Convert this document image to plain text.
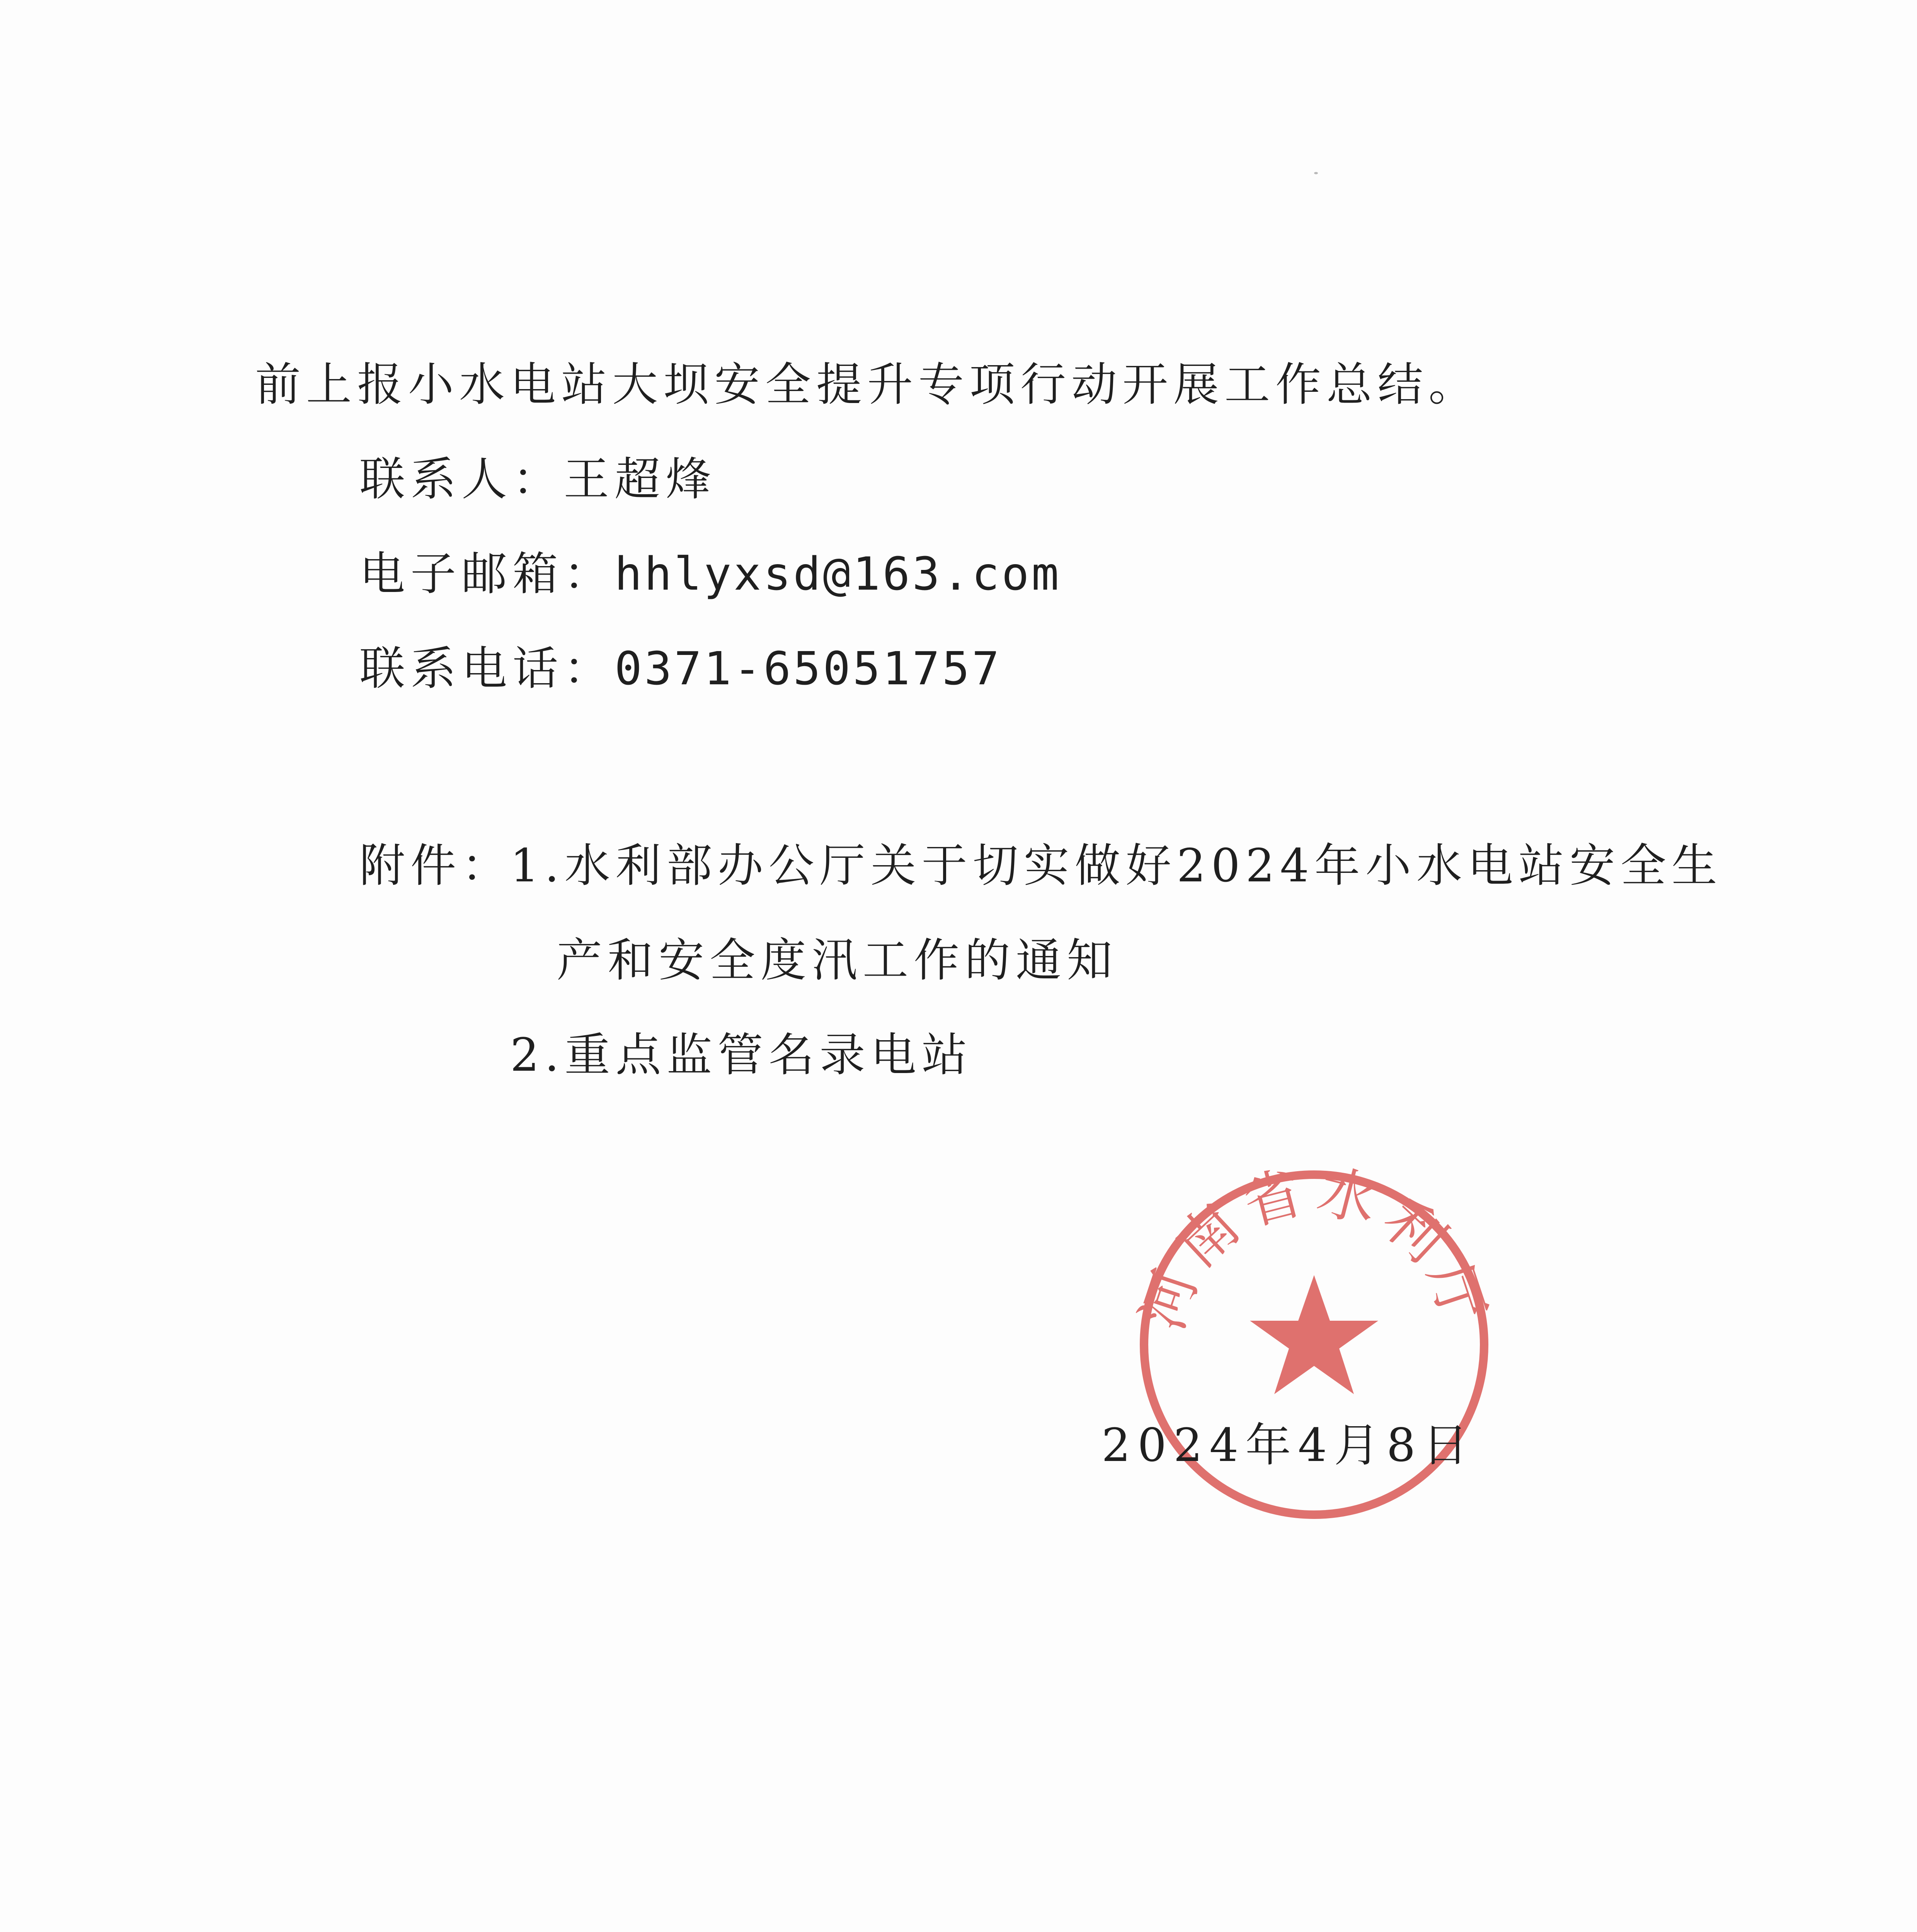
前上报小水电站大坝安全提升专项行动开展工作总结。
联系人：王超烽
电子邮箱：hhlyxsd@163.com
联系电话：0371-65051757
附件：
1.水利部办公厅关于切实做好2024年小水电站安全生
产和安全度汛工作的通知
2.重点监管名录电站
河南省水利厅
2024年4月8日
